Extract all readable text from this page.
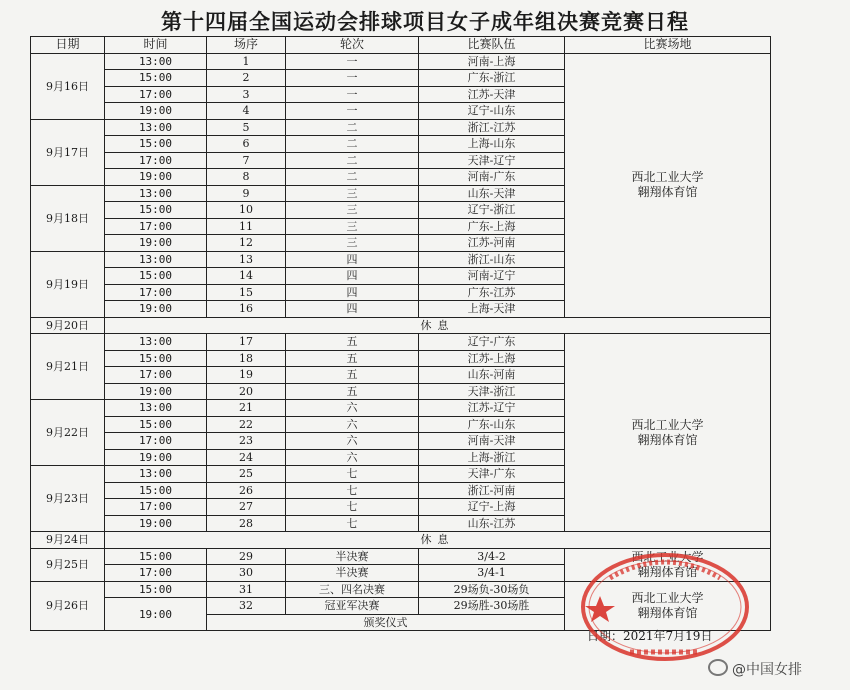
第十四届全国运动会排球项目女子成年组决赛竞赛日程
日期	时间	场序	轮次	比赛队伍	比赛场地
9月16日	13:00	1	一	河南-上海	西北工业大学
翱翔体育馆
	15:00	2	一	广东-浙江	
	17:00	3	一	江苏-天津	
	19:00	4	一	辽宁-山东	
9月17日	13:00	5	二	浙江-江苏	
	15:00	6	二	上海-山东	
	17:00	7	二	天津-辽宁	
	19:00	8	二	河南-广东	
9月18日	13:00	9	三	山东-天津	
	15:00	10	三	辽宁-浙江	
	17:00	11	三	广东-上海	
	19:00	12	三	江苏-河南	
9月19日	13:00	13	四	浙江-山东	
	15:00	14	四	河南-辽宁	
	17:00	15	四	广东-江苏	
	19:00	16	四	上海-天津	
9月20日	休息				
9月21日	13:00	17	五	辽宁-广东	西北工业大学
翱翔体育馆
	15:00	18	五	江苏-上海	
	17:00	19	五	山东-河南	
	19:00	20	五	天津-浙江	
9月22日	13:00	21	六	江苏-辽宁	
	15:00	22	六	广东-山东	
	17:00	23	六	河南-天津	
	19:00	24	六	上海-浙江	
9月23日	13:00	25	七	天津-广东	
	15:00	26	七	浙江-河南	
	17:00	27	七	辽宁-上海	
	19:00	28	七	山东-江苏	
9月24日	休息				
9月25日	15:00	29	半决赛	3/4-2	西北工业大学
翱翔体育馆
	17:00	30	半决赛	3/4-1	
9月26日	15:00	31	三、四名决赛	29场负-30场负	西北工业大学
翱翔体育馆
	19:00	32	冠亚军决赛	29场胜-30场胜	
		颁奖仪式			
日期：2021年7月19日
@中国女排
